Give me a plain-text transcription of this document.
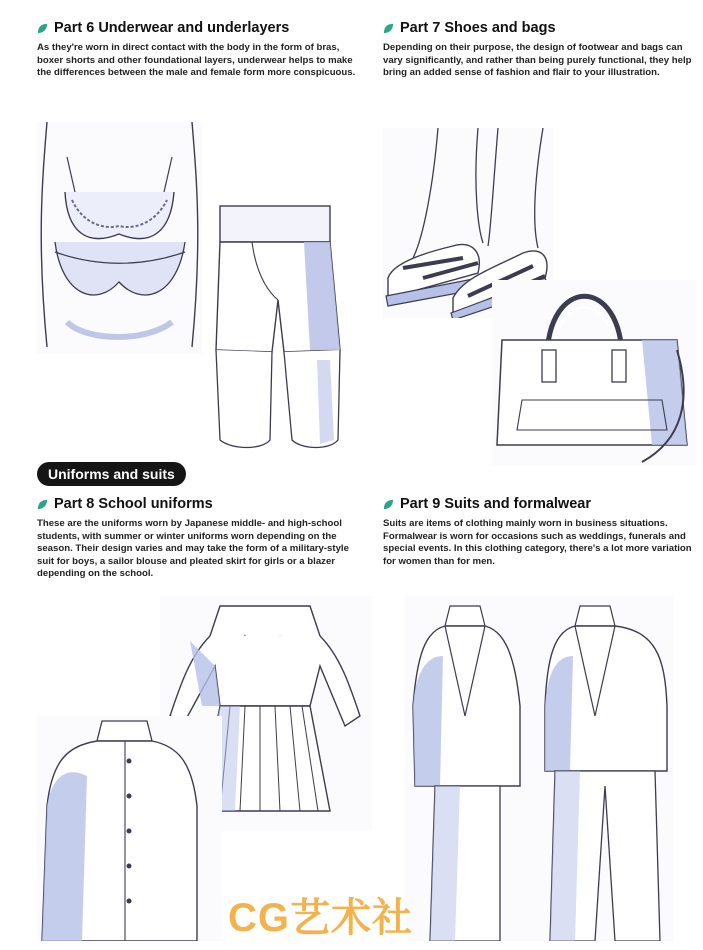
Part 6 Underwear and underlayers
As they're worn in direct contact with the body in the form of bras, boxer shorts and other foundational layers, underwear helps to make the differences between the male and female form more conspicuous.
Part 7 Shoes and bags
Depending on their purpose, the design of footwear and bags can vary significantly, and rather than being purely functional, they help bring an added sense of fashion and flair to your illustration.
Uniforms and suits
Part 8 School uniforms
These are the uniforms worn by Japanese middle- and high-school students, with summer or winter uniforms worn depending on the season. Their design varies and may take the form of a military-style suit for boys, a sailor blouse and pleated skirt for girls or a blazer depending on the school.
Part 9 Suits and formalwear
Suits are items of clothing mainly worn in business situations. Formalwear is worn for occasions such as weddings, funerals and special events. In this clothing category, there's a lot more variation for women than for men.
CG艺术社
